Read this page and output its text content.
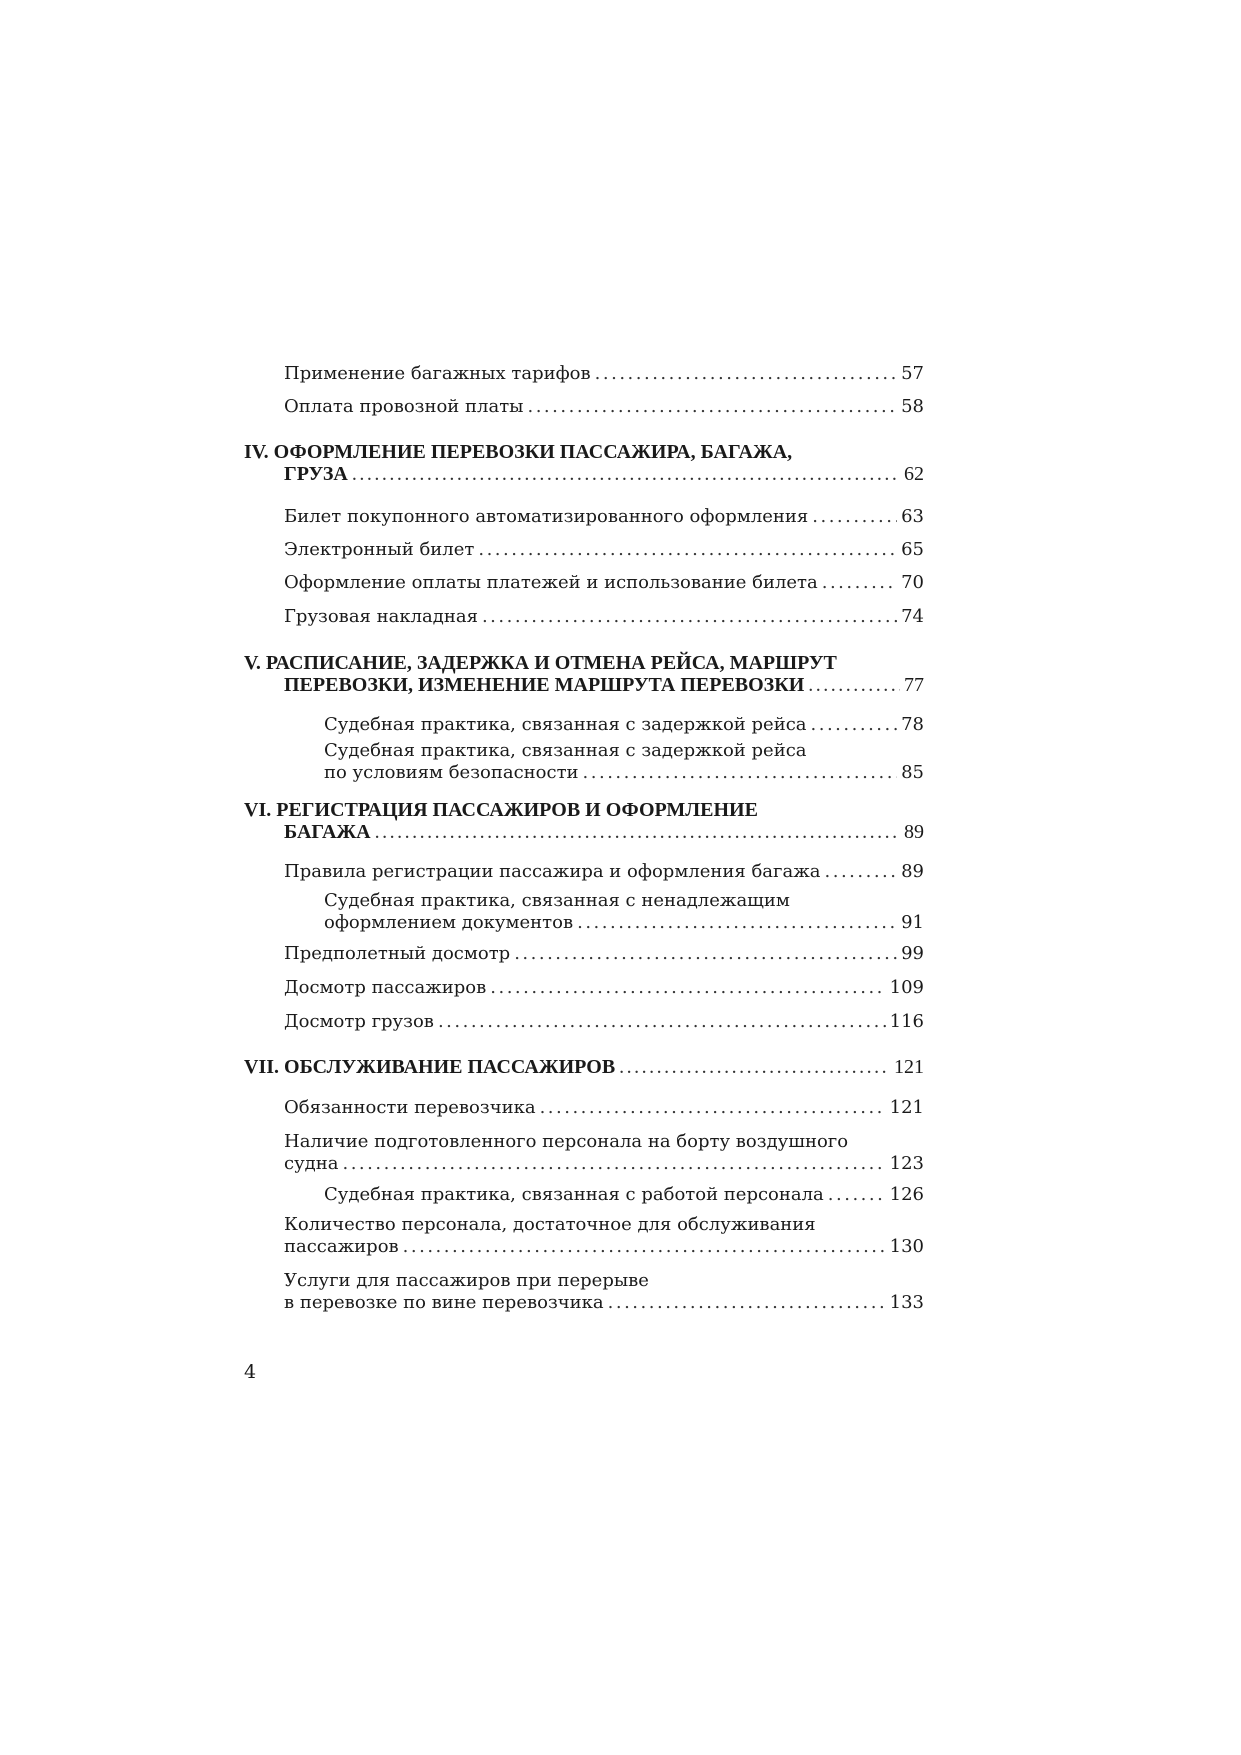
Применение багажных тарифов .....	57
Оплата провозной платы .....	58
IV. ОФОРМЛЕНИЕ ПЕРЕВОЗКИ ПАССАЖИРА, БАГАЖА,
ГРУЗА .....	62
Билет покупонного автоматизированного оформления .....	63
Электронный билет .....	65
Оформление оплаты платежей и использование билета .....	70
Грузовая накладная .....	74
V. РАСПИСАНИЕ, ЗАДЕРЖКА И ОТМЕНА РЕЙСА, МАРШРУТ
ПЕРЕВОЗКИ, ИЗМЕНЕНИЕ МАРШРУТА ПЕРЕВОЗКИ .....	77
Судебная практика, связанная с задержкой рейса .....	78
Судебная практика, связанная с задержкой рейса
по условиям безопасности .....	85
VI. РЕГИСТРАЦИЯ ПАССАЖИРОВ И ОФОРМЛЕНИЕ
БАГАЖА .....	89
Правила регистрации пассажира и оформления багажа .....	89
Судебная практика, связанная с ненадлежащим
оформлением документов .....	91
Предполетный досмотр .....	99
Досмотр пассажиров .....	109
Досмотр грузов .....	116
VII. ОБСЛУЖИВАНИЕ ПАССАЖИРОВ .....	121
Обязанности перевозчика .....	121
Наличие подготовленного персонала на борту воздушного
судна .....	123
Судебная практика, связанная с работой персонала .....	126
Количество персонала, достаточное для обслуживания
пассажиров .....	130
Услуги для пассажиров при перерыве
в перевозке по вине перевозчика .....	133
4
